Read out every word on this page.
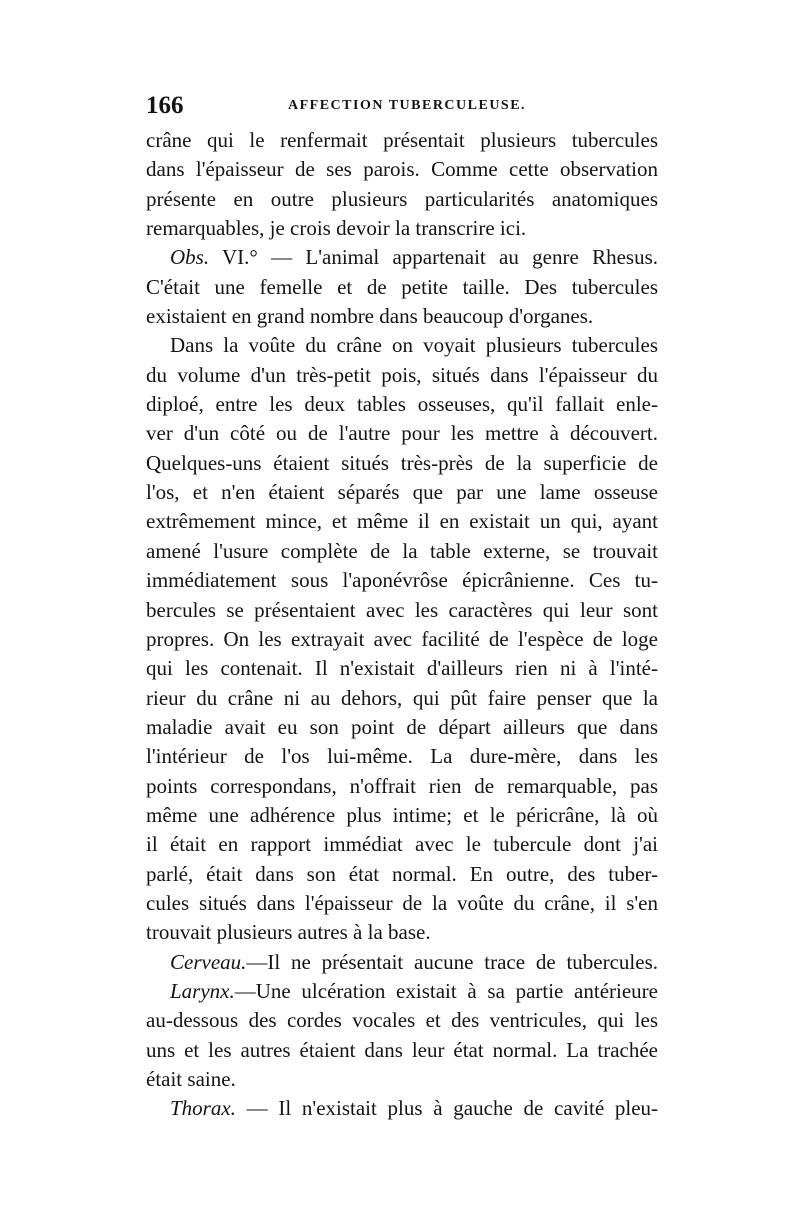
166	AFFECTION TUBERCULEUSE.
crâne qui le renfermait présentait plusieurs tubercules
dans l'épaisseur de ses parois. Comme cette observation
présente en outre plusieurs particularités anatomiques
remarquables, je crois devoir la transcrire ici.
Obs. VI.° — L'animal appartenait au genre Rhesus.
C'était une femelle et de petite taille. Des tubercules
existaient en grand nombre dans beaucoup d'organes.
Dans la voûte du crâne on voyait plusieurs tubercules
du volume d'un très-petit pois, situés dans l'épaisseur du
diploé, entre les deux tables osseuses, qu'il fallait enle-
ver d'un côté ou de l'autre pour les mettre à découvert.
Quelques-uns étaient situés très-près de la superficie de
l'os, et n'en étaient séparés que par une lame osseuse
extrêmement mince, et même il en existait un qui, ayant
amené l'usure complète de la table externe, se trouvait
immédiatement sous l'aponévrôse épicrânienne. Ces tu-
bercules se présentaient avec les caractères qui leur sont
propres. On les extrayait avec facilité de l'espèce de loge
qui les contenait. Il n'existait d'ailleurs rien ni à l'inté-
rieur du crâne ni au dehors, qui pût faire penser que la
maladie avait eu son point de départ ailleurs que dans
l'intérieur de l'os lui-même. La dure-mère, dans les
points correspondans, n'offrait rien de remarquable, pas
même une adhérence plus intime; et le péricrâne, là où
il était en rapport immédiat avec le tubercule dont j'ai
parlé, était dans son état normal. En outre, des tuber-
cules situés dans l'épaisseur de la voûte du crâne, il s'en
trouvait plusieurs autres à la base.
Cerveau.—Il ne présentait aucune trace de tubercules.
Larynx.—Une ulcération existait à sa partie antérieure
au-dessous des cordes vocales et des ventricules, qui les
uns et les autres étaient dans leur état normal. La trachée
était saine.
Thorax. — Il n'existait plus à gauche de cavité pleu-
